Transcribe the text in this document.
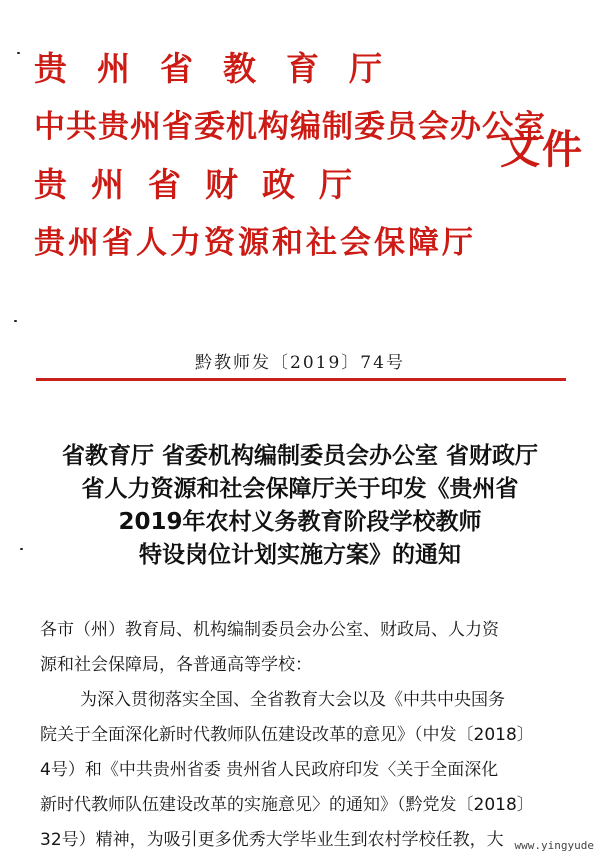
贵州省教育厅
中共贵州省委机构编制委员会办公室
贵州省财政厅
贵州省人力资源和社会保障厅
文件
黔教师发〔2019〕74号
省教育厅 省委机构编制委员会办公室 省财政厅
省人力资源和社会保障厅关于印发《贵州省
2019年农村义务教育阶段学校教师
特设岗位计划实施方案》的通知
各市（州）教育局、机构编制委员会办公室、财政局、人力资
源和社会保障局，各普通高等学校：
为深入贯彻落实全国、全省教育大会以及《中共中央国务
院关于全面深化新时代教师队伍建设改革的意见》（中发〔2018〕
4号）和《中共贵州省委 贵州省人民政府印发〈关于全面深化
新时代教师队伍建设改革的实施意见〉的通知》（黔党发〔2018〕
32号）精神，为吸引更多优秀大学毕业生到农村学校任教，大 www.yingyude
